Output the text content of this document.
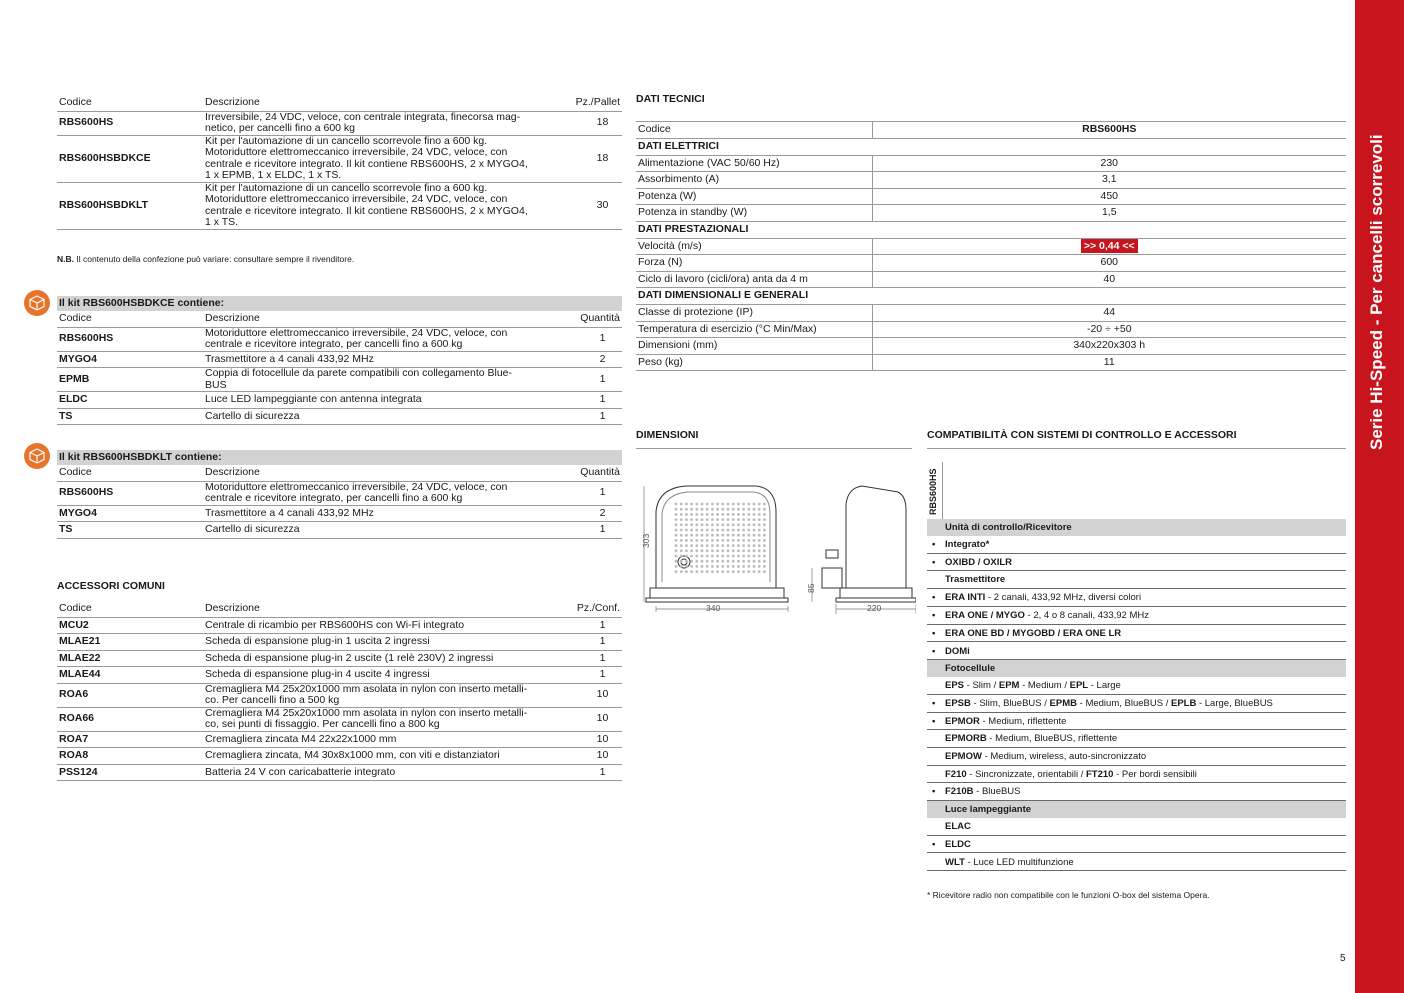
Serie Hi-Speed - Per cancelli scorrevoli
Codice	Descrizione	Pz./Pallet
RBS600HS	Irreversibile, 24 VDC, veloce, con centrale integrata, finecorsa mag-
netico, per cancelli fino a 600 kg	18
RBS600HSBDKCE	Kit per l'automazione di un cancello scorrevole fino a 600 kg.
Motoriduttore elettromeccanico irreversibile, 24 VDC, veloce, con
centrale e ricevitore integrato. Il kit contiene RBS600HS, 2 x MYGO4,
1 x EPMB, 1 x ELDC, 1 x TS.	18
RBS600HSBDKLT	Kit per l'automazione di un cancello scorrevole fino a 600 kg.
Motoriduttore elettromeccanico irreversibile, 24 VDC, veloce, con
centrale e ricevitore integrato. Il kit contiene RBS600HS, 2 x MYGO4,
1 x TS.	30
N.B. Il contenuto della confezione può variare: consultare sempre il rivenditore.
Il kit RBS600HSBDKCE contiene:
Codice	Descrizione	Quantità
RBS600HS	Motoriduttore elettromeccanico irreversibile, 24 VDC, veloce, con
centrale e ricevitore integrato, per cancelli fino a 600 kg	1
MYGO4	Trasmettitore a 4 canali 433,92 MHz	2
EPMB	Coppia di fotocellule da parete compatibili con collegamento Blue-
BUS	1
ELDC	Luce LED lampeggiante con antenna integrata	1
TS	Cartello di sicurezza	1
Il kit RBS600HSBDKLT contiene:
Codice	Descrizione	Quantità
RBS600HS	Motoriduttore elettromeccanico irreversibile, 24 VDC, veloce, con
centrale e ricevitore integrato, per cancelli fino a 600 kg	1
MYGO4	Trasmettitore a 4 canali 433,92 MHz	2
TS	Cartello di sicurezza	1
ACCESSORI COMUNI
Codice	Descrizione	Pz./Conf.
MCU2	Centrale di ricambio per RBS600HS con Wi-Fi integrato	1
MLAE21	Scheda di espansione plug-in 1 uscita 2 ingressi	1
MLAE22	Scheda di espansione plug-in 2 uscite (1 relè 230V) 2 ingressi	1
MLAE44	Scheda di espansione plug-in 4 uscite 4 ingressi	1
ROA6	Cremagliera M4 25x20x1000 mm asolata in nylon con inserto metalli-
co. Per cancelli fino a 500 kg	10
ROA66	Cremagliera M4 25x20x1000 mm asolata in nylon con inserto metalli-
co, sei punti di fissaggio. Per cancelli fino a 800 kg	10
ROA7	Cremagliera zincata M4 22x22x1000 mm	10
ROA8	Cremagliera zincata, M4 30x8x1000 mm, con viti e distanziatori	10
PSS124	Batteria 24 V con caricabatterie integrato	1
DATI TECNICI
Codice	RBS600HS
DATI ELETTRICI	
Alimentazione (VAC 50/60 Hz)	230
Assorbimento (A)	3,1
Potenza (W)	450
Potenza in standby (W)	1,5
DATI PRESTAZIONALI	
Velocità (m/s)	>> 0,44 <<
Forza (N)	600
Ciclo di lavoro (cicli/ora) anta da 4 m	40
DATI DIMENSIONALI E GENERALI	
Classe di protezione (IP)	44
Temperatura di esercizio (°C Min/Max)	-20 ÷ +50
Dimensioni (mm)	340x220x303 h
Peso (kg)	11
DIMENSIONI
303
340	220
85
COMPATIBILITÀ CON SISTEMI DI CONTROLLO E ACCESSORI
RBS600HS
Unità di controllo/Ricevitore
• Integrato*
• OXIBD / OXILR
Trasmettitore
• ERA INTI - 2 canali, 433,92 MHz, diversi colori
• ERA ONE / MYGO - 2, 4 o 8 canali, 433,92 MHz
• ERA ONE BD / MYGOBD / ERA ONE LR
• DOMi
Fotocellule
EPS - Slim / EPM - Medium / EPL - Large
• EPSB - Slim, BlueBUS / EPMB - Medium, BlueBUS / EPLB - Large, BlueBUS
• EPMOR - Medium, riflettente
EPMORB - Medium, BlueBUS, riflettente
EPMOW - Medium, wireless, auto-sincronizzato
F210 - Sincronizzate, orientabili / FT210 - Per bordi sensibili
• F210B - BlueBUS
Luce lampeggiante
ELAC
• ELDC
WLT - Luce LED multifunzione
* Ricevitore radio non compatibile con le funzioni O-box del sistema Opera.
5
